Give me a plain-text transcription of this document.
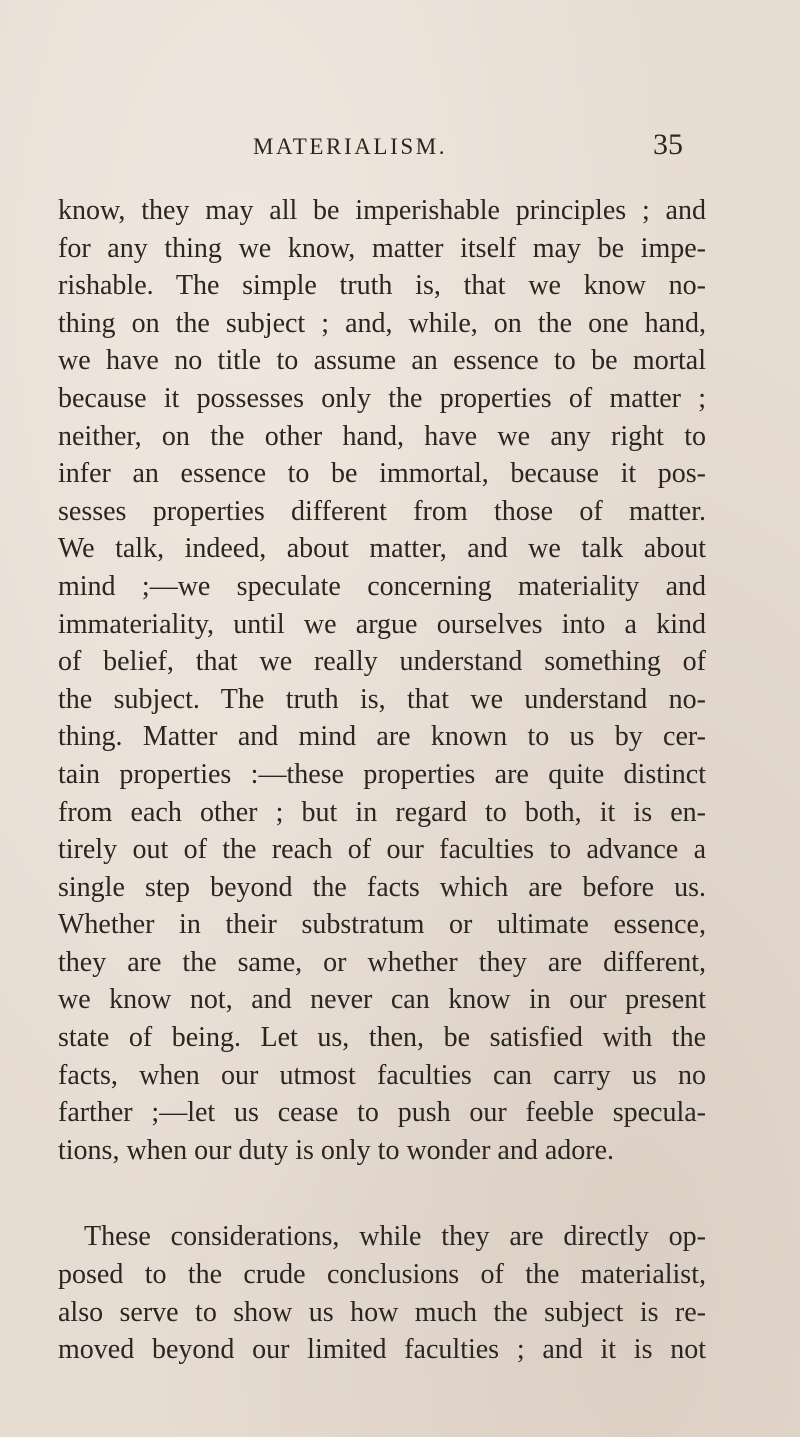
MATERIALISM.	35
know, they may all be imperishable principles ; and
for any thing we know, matter itself may be impe-
rishable. The simple truth is, that we know no-
thing on the subject ; and, while, on the one hand,
we have no title to assume an essence to be mortal
because it possesses only the properties of matter ;
neither, on the other hand, have we any right to
infer an essence to be immortal, because it pos-
sesses properties different from those of matter.
We talk, indeed, about matter, and we talk about
mind ;—we speculate concerning materiality and
immateriality, until we argue ourselves into a kind
of belief, that we really understand something of
the subject. The truth is, that we understand no-
thing. Matter and mind are known to us by cer-
tain properties :—these properties are quite distinct
from each other ; but in regard to both, it is en-
tirely out of the reach of our faculties to advance a
single step beyond the facts which are before us.
Whether in their substratum or ultimate essence,
they are the same, or whether they are different,
we know not, and never can know in our present
state of being. Let us, then, be satisfied with the
facts, when our utmost faculties can carry us no
farther ;—let us cease to push our feeble specula-
tions, when our duty is only to wonder and adore.
These considerations, while they are directly op-
posed to the crude conclusions of the materialist,
also serve to show us how much the subject is re-
moved beyond our limited faculties ; and it is not
